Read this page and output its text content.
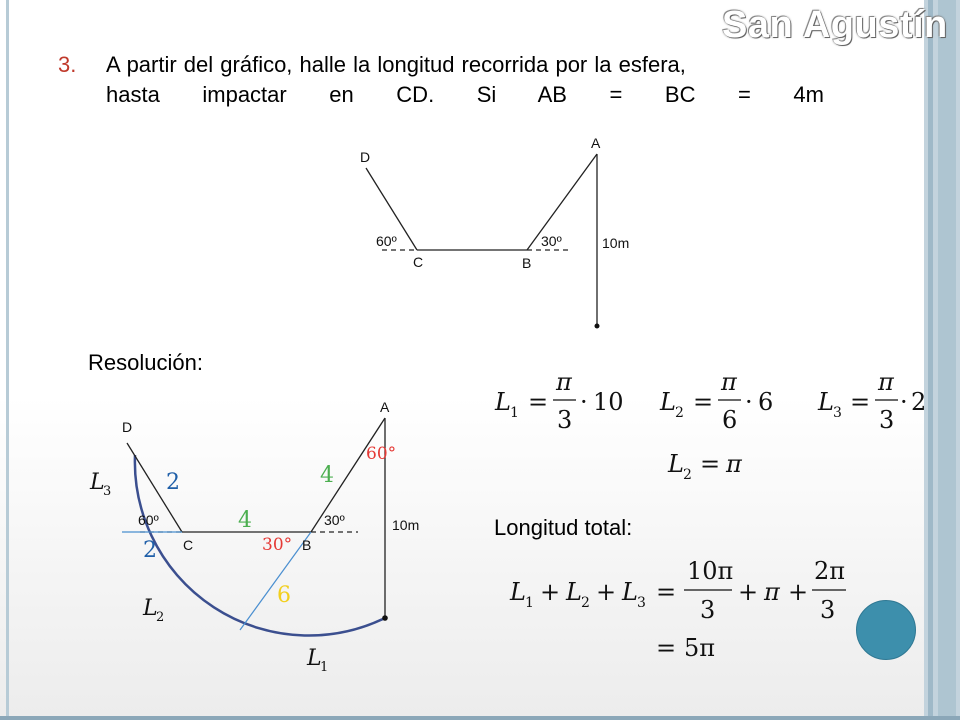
San Agustín
3. A partir del gráfico, halle la longitud recorrida por la esfera,
hasta impactar en CD. Si AB = BC = 4m
Resolución:
Longitud total:
D
A
C	B
60º	30º	10m
D
A
C	B
60º	30º	10m
60°
30°
4
4
2
2
6
L
3
L
2
L
1
L 1 =
π
3
· 10 L 2 =
π
6
· 6 L 3 =
π
3
· 2
L 2 = π
L 1 + L 2 + L 3 =
10π
3
+ π +
2π
3
= 5π
